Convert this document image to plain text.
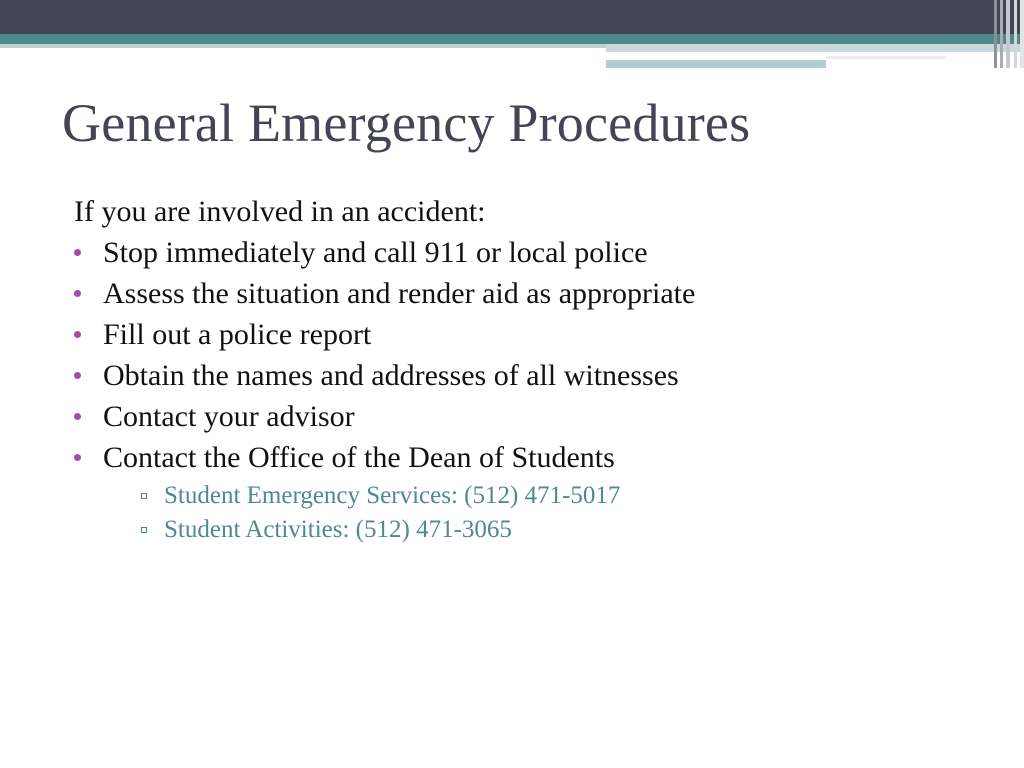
General Emergency Procedures

If you are involved in an accident:

Stop immediately and call 911 or local police
Assess the situation and render aid as appropriate
Fill out a police report
Obtain the names and addresses of all witnesses
Contact your advisor
Contact the Office of the Dean of Students
Student Emergency Services: (512) 471-5017
Student Activities: (512) 471-3065
